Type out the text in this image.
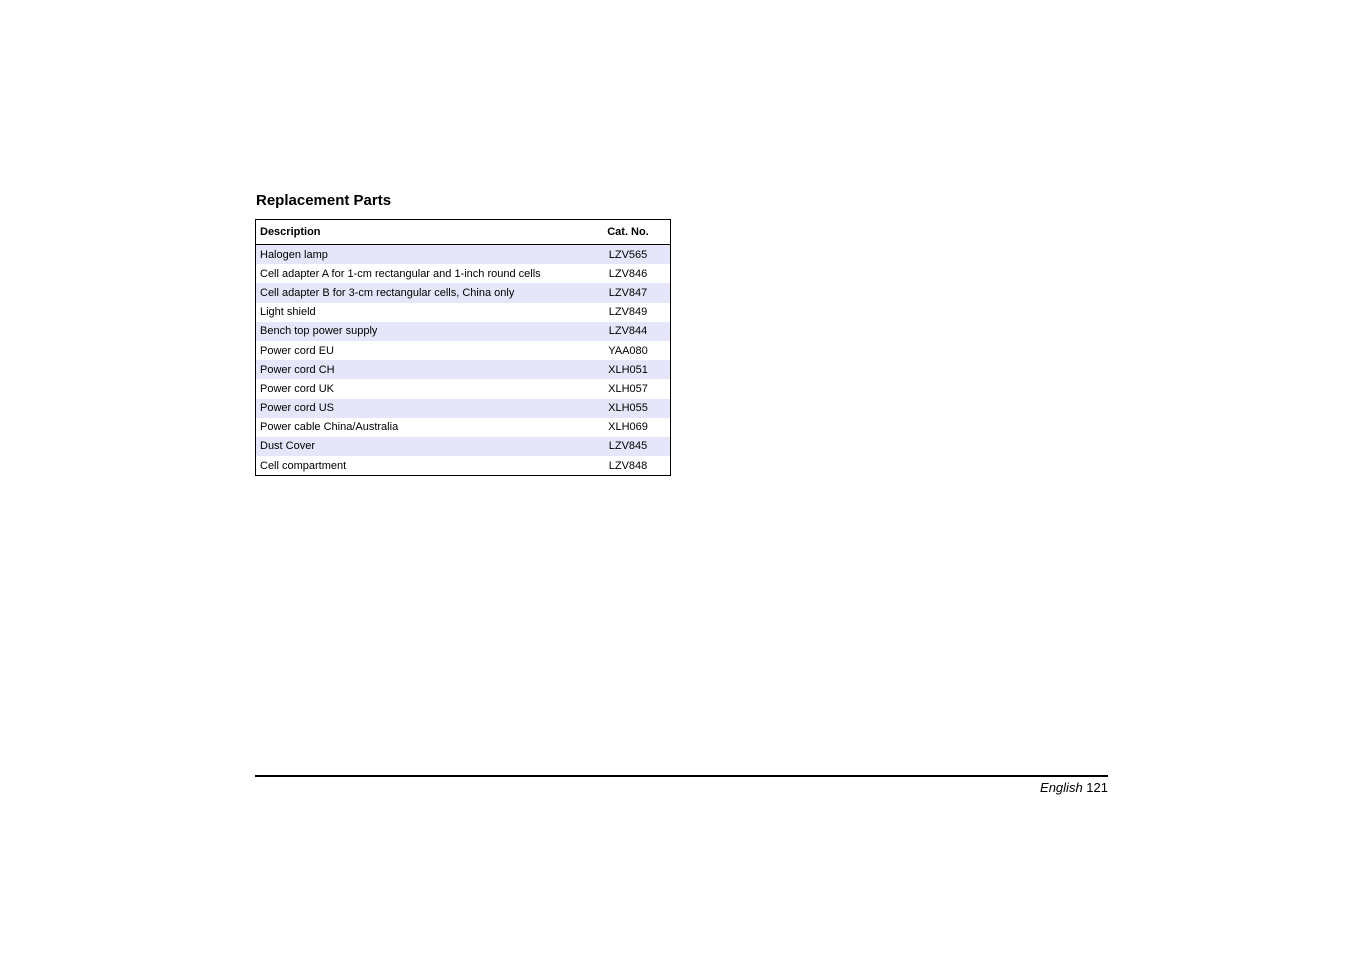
Replacement Parts
Description	Cat. No.
Halogen lamp	LZV565
Cell adapter A for 1-cm rectangular and 1-inch round cells	LZV846
Cell adapter B for 3-cm rectangular cells, China only	LZV847
Light shield	LZV849
Bench top power supply	LZV844
Power cord EU	YAA080
Power cord CH	XLH051
Power cord UK	XLH057
Power cord US	XLH055
Power cable China/Australia	XLH069
Dust Cover	LZV845
Cell compartment	LZV848
English 121
